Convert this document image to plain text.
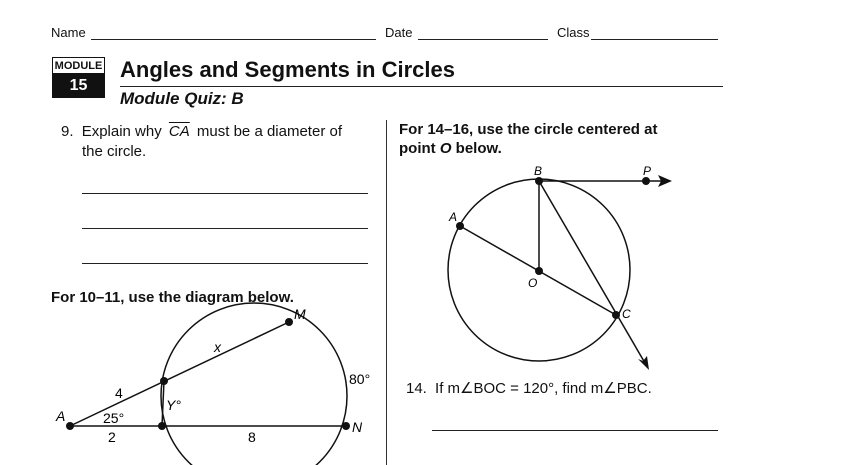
Name	Date	Class
MODULE
15
Angles and Segments in Circles
Module Quiz: B
9. Explain why $\overline{CA}$ must be a diameter of
the circle.
For 10–11, use the diagram below.
For 14–16, use the circle centered at
point O below.
14. If m∠BOC = 120°, find m∠PBC.
A
M
N
x
80°
Y°
4
25°
2	8
B	P
A
O
C
